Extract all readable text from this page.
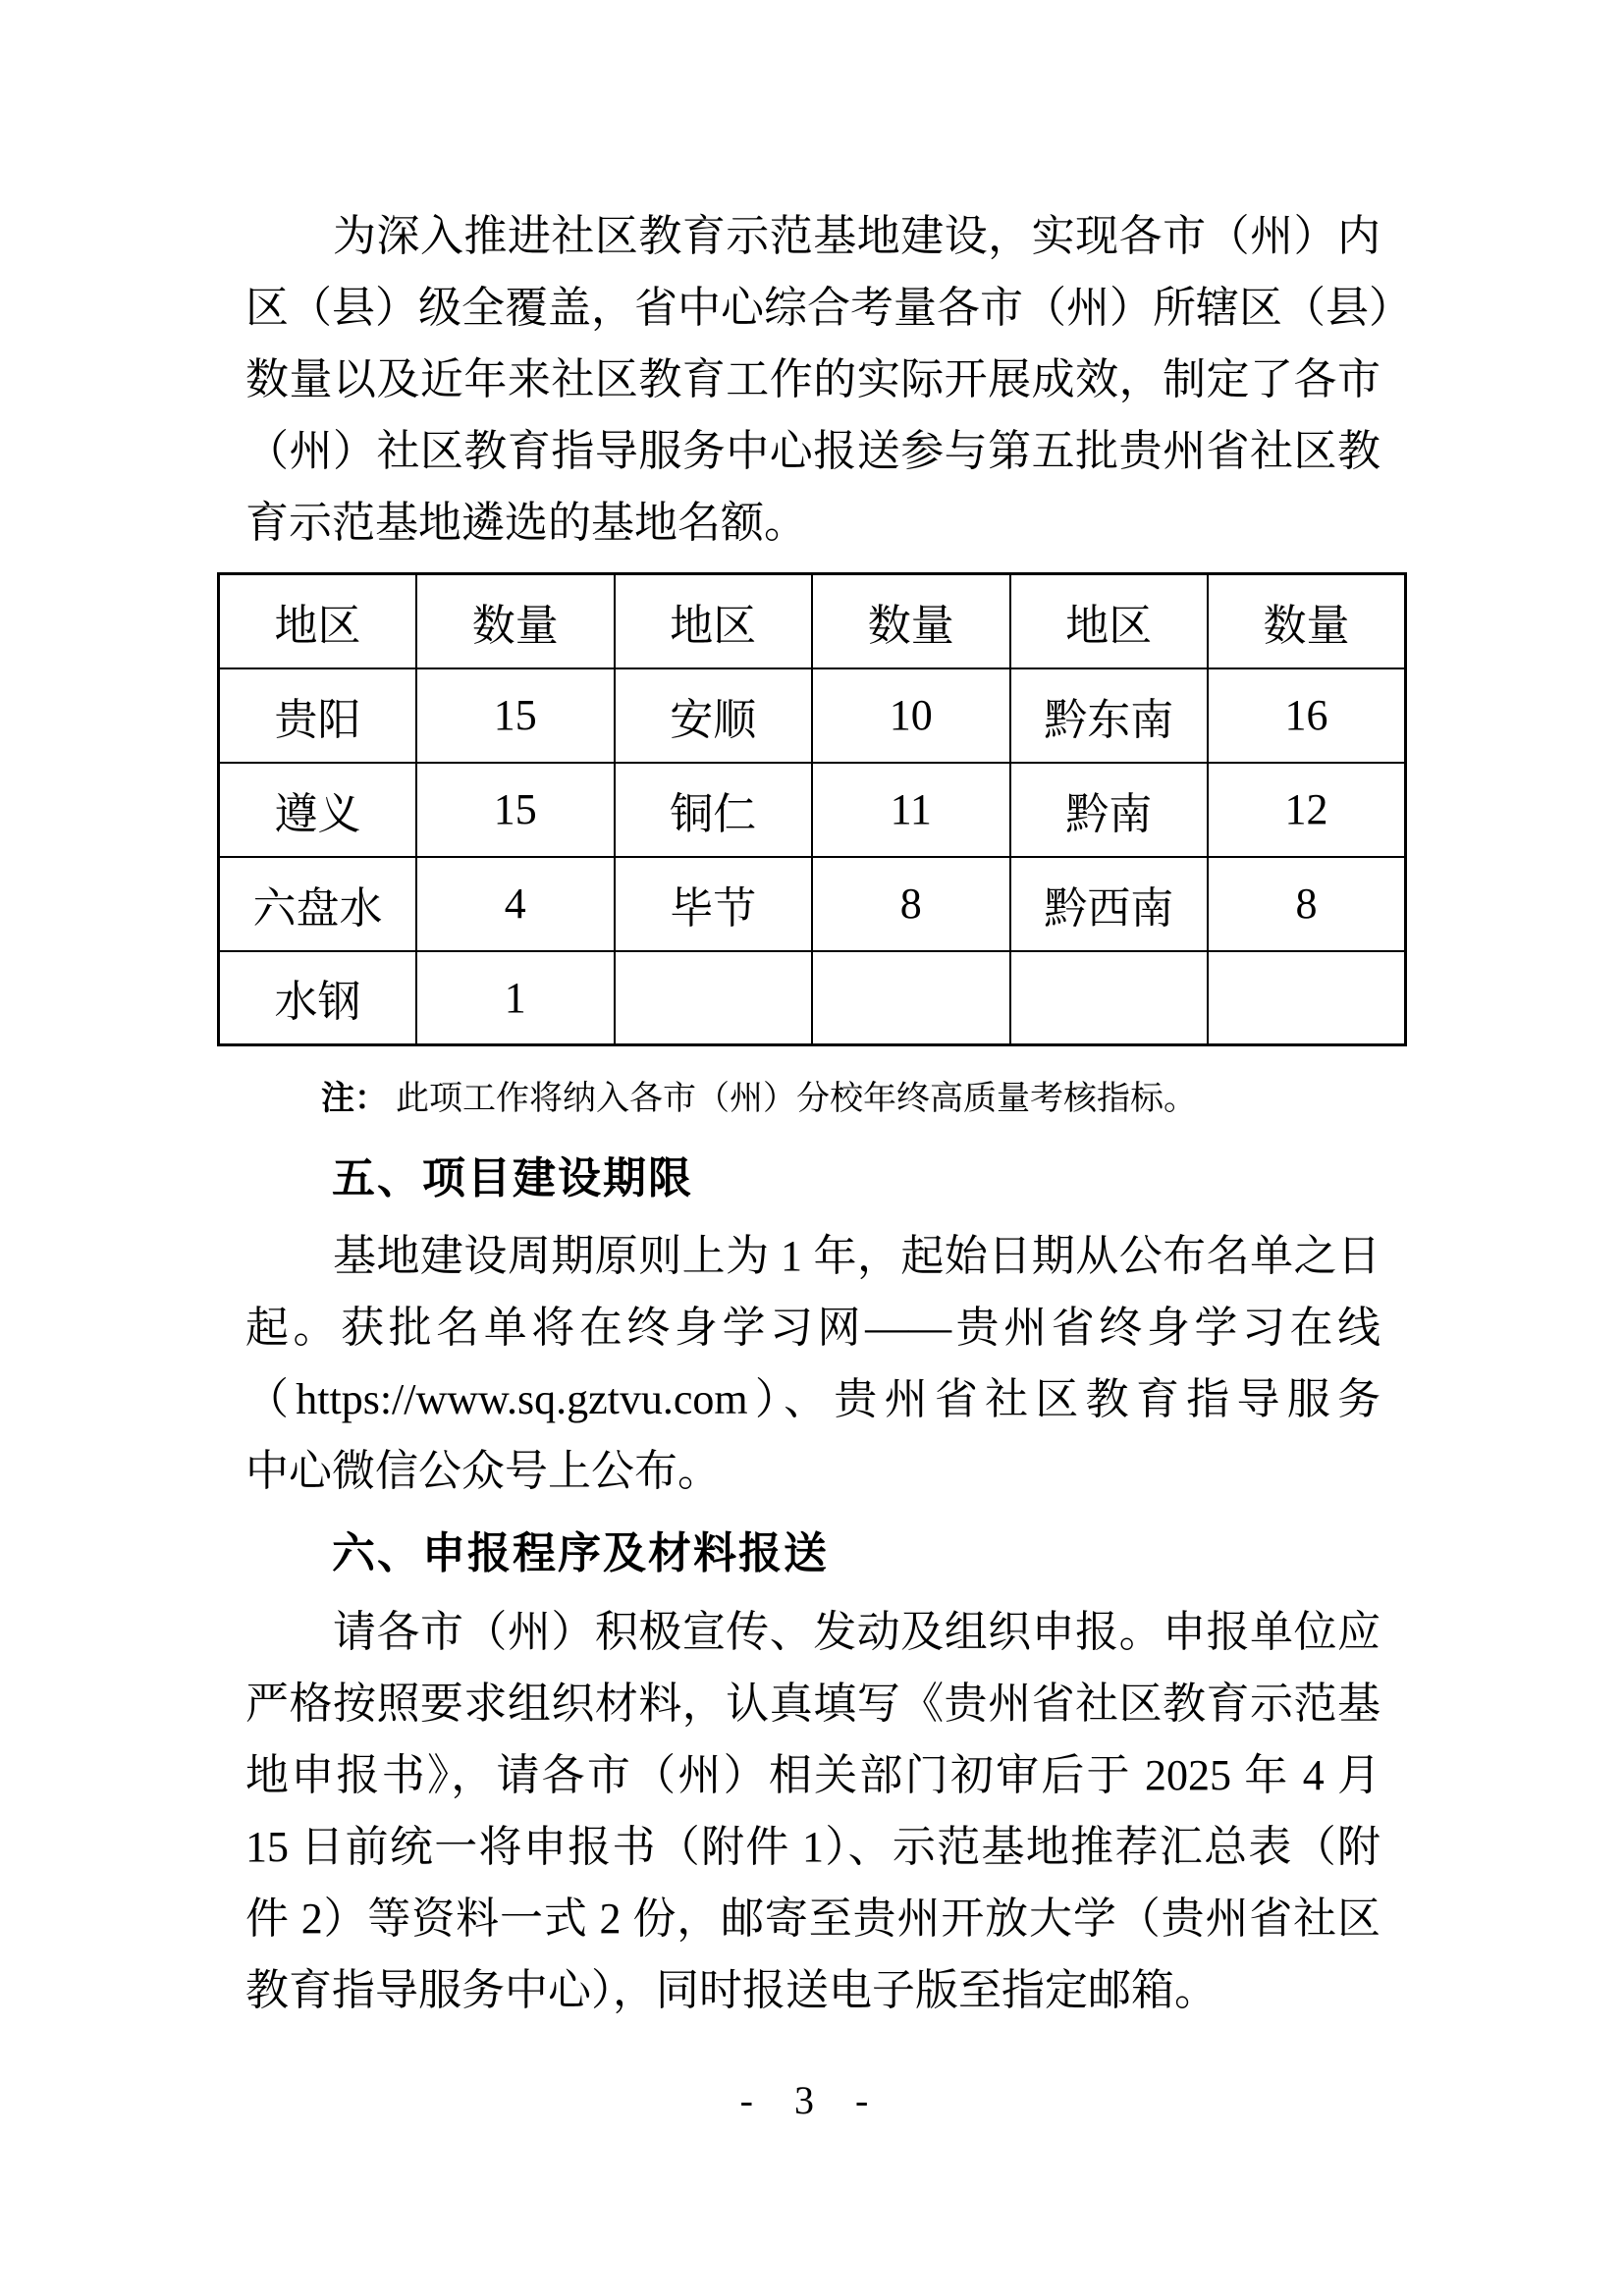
为深入推进社区教育示范基地建设，实现各市（州）内
区（县）级全覆盖，省中心综合考量各市（州）所辖区（县）
数量以及近年来社区教育工作的实际开展成效，制定了各市
（州）社区教育指导服务中心报送参与第五批贵州省社区教
育示范基地遴选的基地名额。
地区	数量	地区	数量	地区	数量
贵阳	15	安顺	10	黔东南	16
遵义	15	铜仁	11	黔南	12
六盘水	4	毕节	8	黔西南	8
水钢	1				

注： 此项工作将纳入各市（州）分校年终高质量考核指标。

五、项目建设期限
基地建设周期原则上为 1 年，起始日期从公布名单之日
起。获批名单将在终身学习网——贵州省终身学习在线
（https://www.sq.gztvu.com）、贵州省社区教育指导服务
中心微信公众号上公布。
六、申报程序及材料报送
请各市（州）积极宣传、发动及组织申报。申报单位应
严格按照要求组织材料，认真填写《贵州省社区教育示范基
地申报书》，请各市（州）相关部门初审后于 2025 年 4 月
15 日前统一将申报书（附件 1）、示范基地推荐汇总表（附
件 2）等资料一式 2 份，邮寄至贵州开放大学（贵州省社区
教育指导服务中心），同时报送电子版至指定邮箱。
- 3 -
